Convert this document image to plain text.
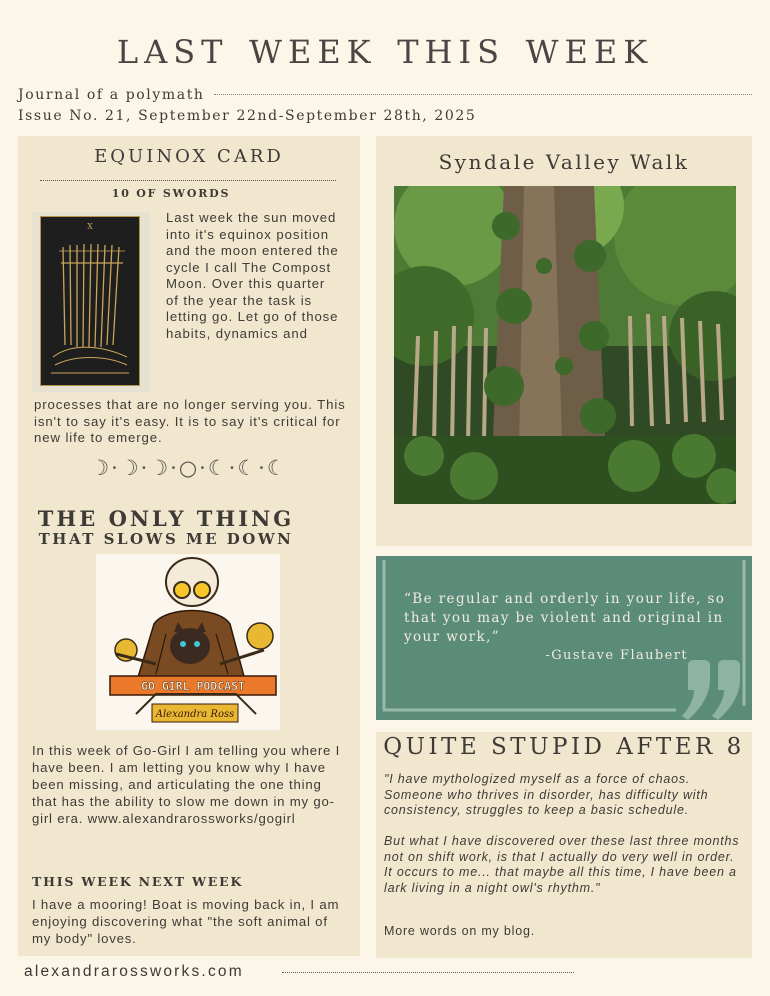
last week this week
Journal of a polymath
Issue No. 21, September 22nd-September 28th, 2025
EQUINOX CARD
10 OF SWORDS
X
Last week the sun moved into it's equinox position and the moon entered the cycle I call The Compost Moon. Over this quarter of the year the task is letting go. Let go of those habits, dynamics and
processes that are no longer serving you. This isn't to say it's easy. It is to say it's critical for new life to emerge.
☽·☽·☽·○·☾·☾·☾
THE ONLY THING
THAT SLOWS ME DOWN
GO GIRL PODCAST
Alexandra Ross
In this week of Go-Girl I am telling you where I have been. I am letting you know why I have been missing, and articulating the one thing that has the ability to slow me down in my go-girl era. www.alexandrarossworks/gogirl
THIS WEEK NEXT WEEK
I have a mooring! Boat is moving back in, I am enjoying discovering what "the soft animal of my body" loves.
Syndale Valley Walk
“Be regular and orderly in your life, so that you may be violent and original in your work,”
-Gustave Flaubert
QUITE STUPID AFTER 8
"I have mythologized myself as a force of chaos. Someone who thrives in disorder, has difficulty with consistency, struggles to keep a basic schedule.
But what I have discovered over these last three months not on shift work, is that I actually do very well in order. It occurs to me... that maybe all this time, I have been a lark living in a night owl's rhythm."
More words on my blog.
alexandrarossworks.com
